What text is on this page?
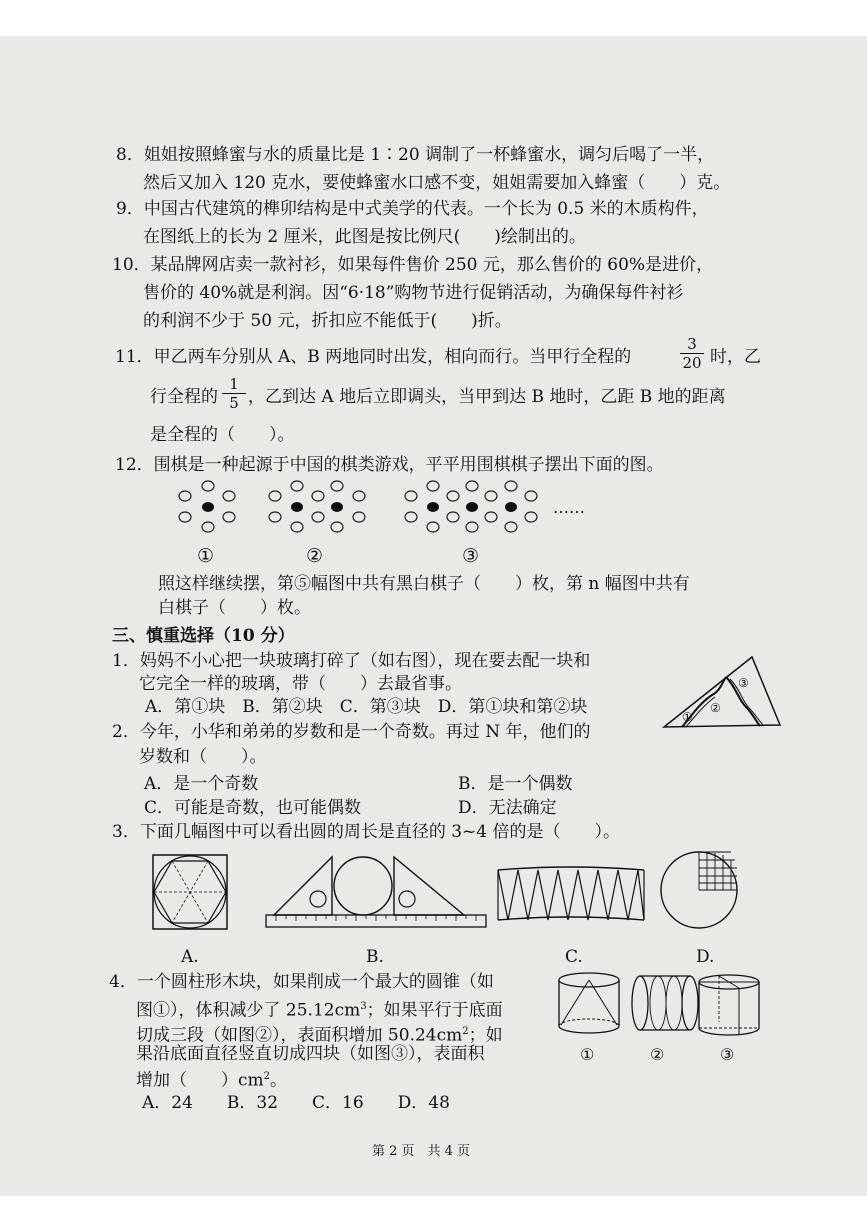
8．姐姐按照蜂蜜与水的质量比是 1∶20 调制了一杯蜂蜜水，调匀后喝了一半，
然后又加入 120 克水，要使蜂蜜水口感不变，姐姐需要加入蜂蜜（　　）克。
9．中国古代建筑的榫卯结构是中式美学的代表。一个长为 0.5 米的木质构件，
在图纸上的长为 2 厘米，此图是按比例尺(　　)绘制出的。
10．某品牌网店卖一款衬衫，如果每件售价 250 元，那么售价的 60%是进价，
售价的 40%就是利润。因“6·18”购物节进行促销活动，为确保每件衬衫
的利润不少于 50 元，折扣应不能低于(　　)折。
11．甲乙两车分别从 A、B 两地同时出发，相向而行。当甲行全程的
3
20 时，乙
行全程的
1
5 ，乙到达 A 地后立即调头，当甲到达 B 地时，乙距 B 地的距离
是全程的（　　）。
12．围棋是一种起源于中国的棋类游戏，平平用围棋棋子摆出下面的图。
……
①	②	③
照这样继续摆，第⑤幅图中共有黑白棋子（　　）枚，第 n 幅图中共有
白棋子（　　）枚。
三、慎重选择（10 分）
1．妈妈不小心把一块玻璃打碎了（如右图），现在要去配一块和
它完全一样的玻璃，带（　　）去最省事。
A．第①块　B．第②块　C．第③块　D．第①块和第②块	①
②
③
2．今年，小华和弟弟的岁数和是一个奇数。再过 N 年，他们的
岁数和（　　）。
A．是一个奇数	B．是一个偶数
C．可能是奇数，也可能偶数	D．无法确定
3．下面几幅图中可以看出圆的周长是直径的 3~4 倍的是（　　）。
A.	B.	C.	D.
4．一个圆柱形木块，如果削成一个最大的圆锥（如
图①），体积减少了 $25.12cm^3$；如果平行于底面
切成三段（如图②），表面积增加 $50.24cm^2$；如
果沿底面直径竖直切成四块（如图③），表面积
增加（　　）$cm^2$。
A．24　　B．32　　C．16　　D．48
①	②	③
第 2 页　共 4 页
